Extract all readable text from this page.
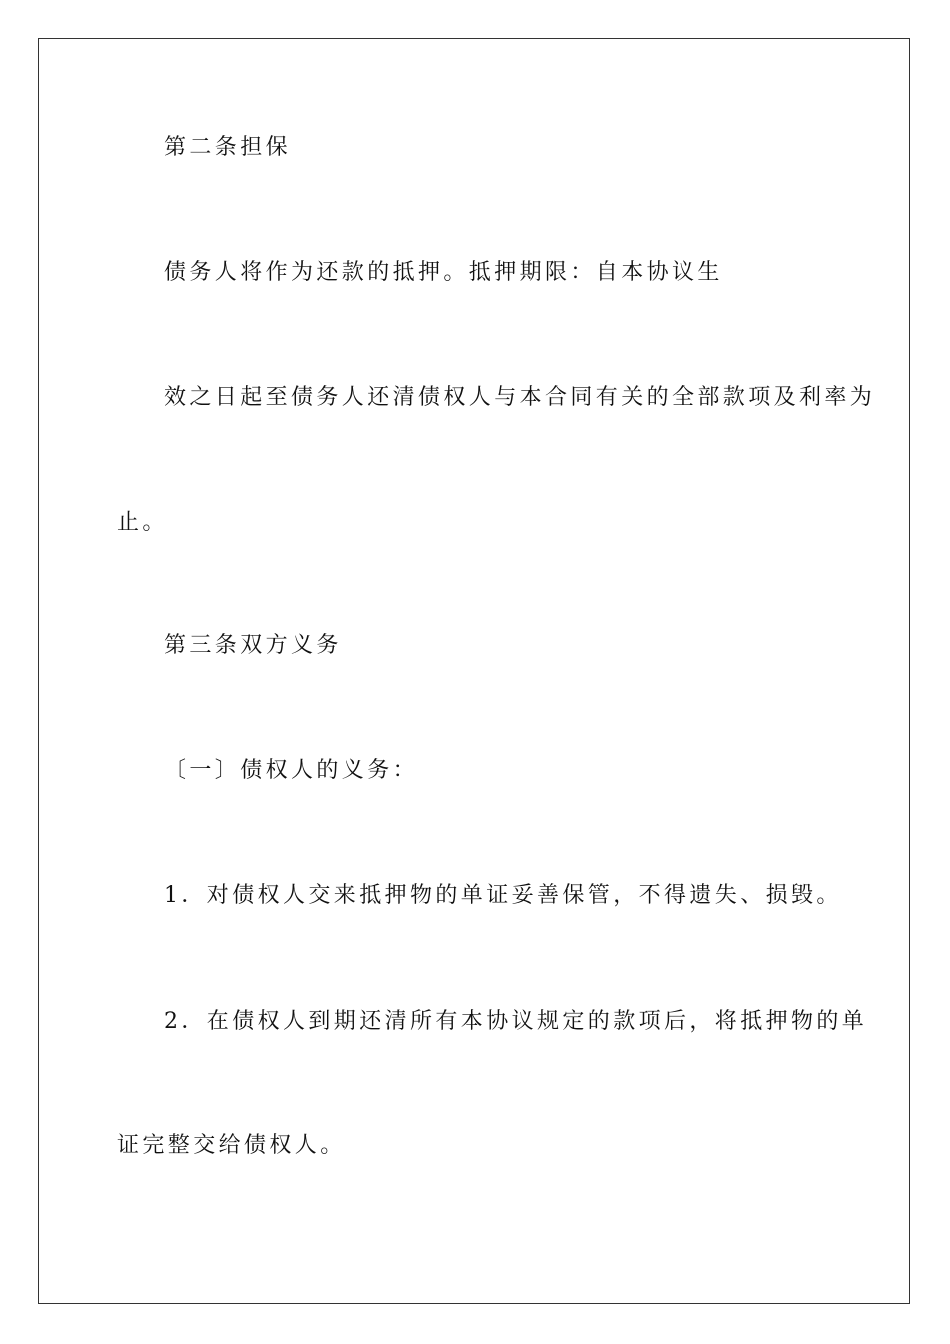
第二条担保
债务人将作为还款的抵押。抵押期限：自本协议生
效之日起至债务人还清债权人与本合同有关的全部款项及利率为
止。
第三条双方义务
〔一〕债权人的义务：
1．对债权人交来抵押物的单证妥善保管，不得遗失、损毁。
2．在债权人到期还清所有本协议规定的款项后，将抵押物的单
证完整交给债权人。
